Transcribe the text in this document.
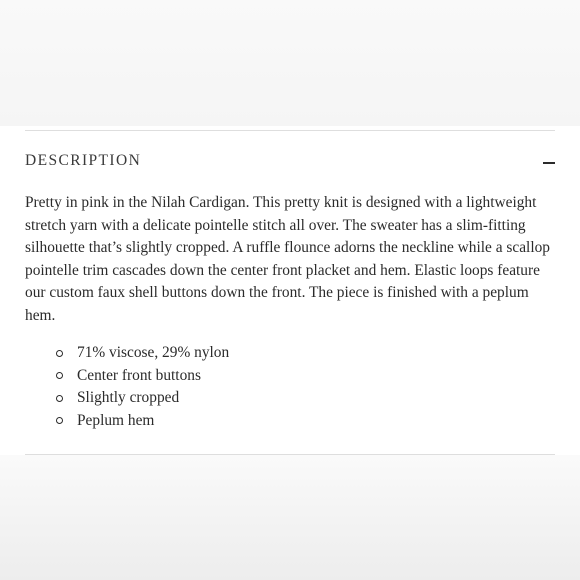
DESCRIPTION

Pretty in pink in the Nilah Cardigan. This pretty knit is designed with a lightweight stretch yarn with a delicate pointelle stitch all over. The sweater has a slim-fitting silhouette that’s slightly cropped. A ruffle flounce adorns the neckline while a scallop pointelle trim cascades down the center front placket and hem. Elastic loops feature our custom faux shell buttons down the front. The piece is finished with a peplum hem.

71% viscose, 29% nylon
Center front buttons
Slightly cropped
Peplum hem
